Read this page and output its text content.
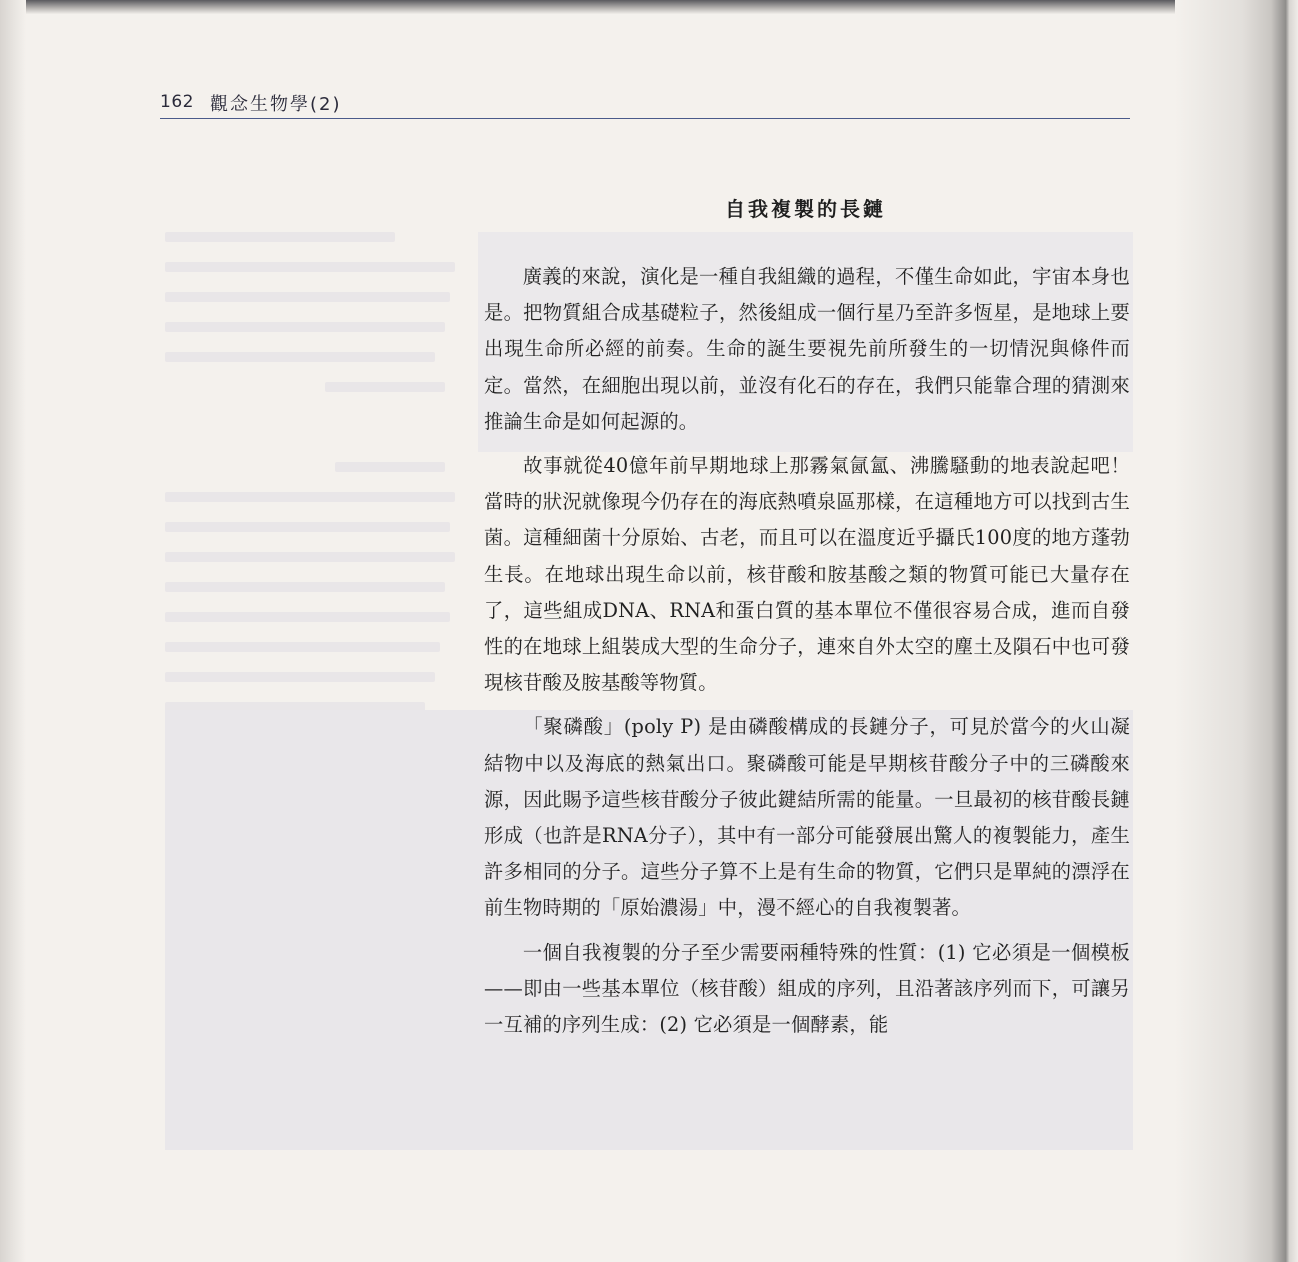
162 觀念生物學(2)
自我複製的長鏈

廣義的來說，演化是一種自我組織的過程，不僅生命如此，宇宙本身也是。把物質組合成基礎粒子，然後組成一個行星乃至許多恆星，是地球上要出現生命所必經的前奏。生命的誕生要視先前所發生的一切情況與條件而定。當然，在細胞出現以前，並沒有化石的存在，我們只能靠合理的猜測來推論生命是如何起源的。

故事就從40億年前早期地球上那霧氣氤氳、沸騰騷動的地表說起吧！當時的狀況就像現今仍存在的海底熱噴泉區那樣，在這種地方可以找到古生菌。這種細菌十分原始、古老，而且可以在溫度近乎攝氏100度的地方蓬勃生長。在地球出現生命以前，核苷酸和胺基酸之類的物質可能已大量存在了，這些組成DNA、RNA和蛋白質的基本單位不僅很容易合成，進而自發性的在地球上組裝成大型的生命分子，連來自外太空的塵土及隕石中也可發現核苷酸及胺基酸等物質。

「聚磷酸」(poly P) 是由磷酸構成的長鏈分子，可見於當今的火山凝結物中以及海底的熱氣出口。聚磷酸可能是早期核苷酸分子中的三磷酸來源，因此賜予這些核苷酸分子彼此鍵結所需的能量。一旦最初的核苷酸長鏈形成（也許是RNA分子），其中有一部分可能發展出驚人的複製能力，產生許多相同的分子。這些分子算不上是有生命的物質，它們只是單純的漂浮在前生物時期的「原始濃湯」中，漫不經心的自我複製著。

一個自我複製的分子至少需要兩種特殊的性質：(1) 它必須是一個模板——即由一些基本單位（核苷酸）組成的序列，且沿著該序列而下，可讓另一互補的序列生成：(2) 它必須是一個酵素，能
